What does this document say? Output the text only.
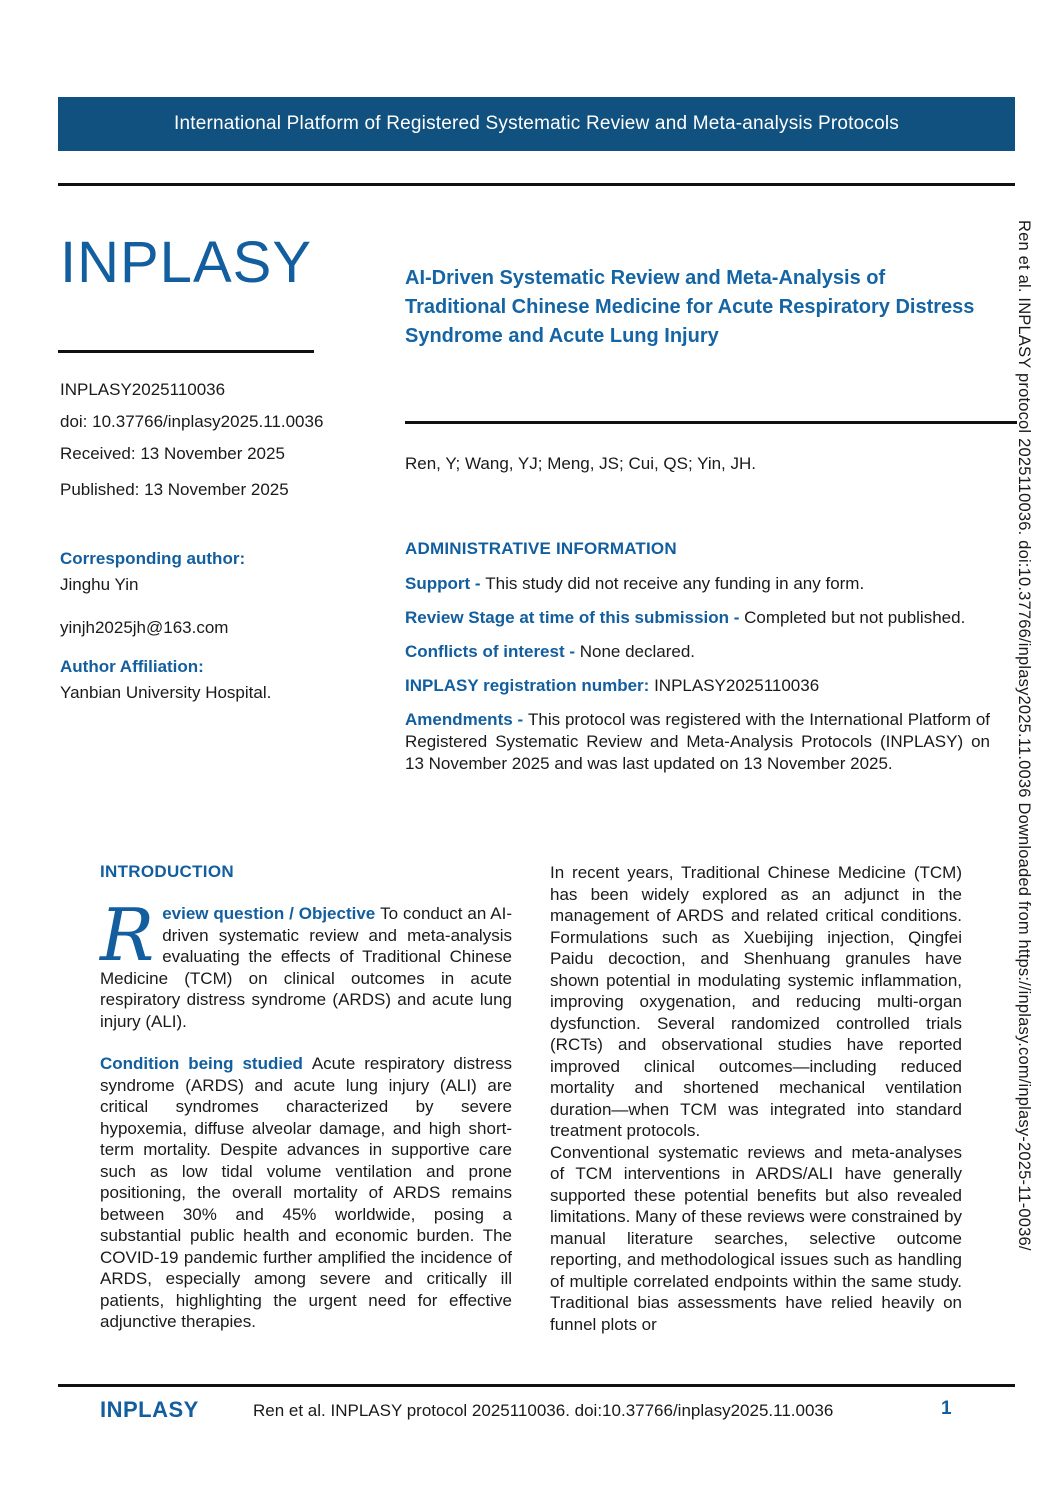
International Platform of Registered Systematic Review and Meta-analysis Protocols
INPLASY
INPLASY2025110036
doi: 10.37766/inplasy2025.11.0036
Received: 13 November 2025
Published: 13 November 2025
Corresponding author:
Jinghu Yin
yinjh2025jh@163.com
Author Affiliation:
Yanbian University Hospital.
AI-Driven Systematic Review and Meta-Analysis of Traditional Chinese Medicine for Acute Respiratory Distress Syndrome and Acute Lung Injury
Ren, Y; Wang, YJ; Meng, JS; Cui, QS; Yin, JH.
ADMINISTRATIVE INFORMATION

Support - This study did not receive any funding in any form.

Review Stage at time of this submission - Completed but not published.

Conflicts of interest - None declared.

INPLASY registration number: INPLASY2025110036

Amendments - This protocol was registered with the International Platform of Registered Systematic Review and Meta-Analysis Protocols (INPLASY) on 13 November 2025 and was last updated on 13 November 2025.

INTRODUCTION

Review question / Objective To conduct an AI-driven systematic review and meta-analysis evaluating the effects of Traditional Chinese Medicine (TCM) on clinical outcomes in acute respiratory distress syndrome (ARDS) and acute lung injury (ALI).

Condition being studied Acute respiratory distress syndrome (ARDS) and acute lung injury (ALI) are critical syndromes characterized by severe hypoxemia, diffuse alveolar damage, and high short-term mortality. Despite advances in supportive care such as low tidal volume ventilation and prone positioning, the overall mortality of ARDS remains between 30% and 45% worldwide, posing a substantial public health and economic burden. The COVID-19 pandemic further amplified the incidence of ARDS, especially among severe and critically ill patients, highlighting the urgent need for effective adjunctive therapies.

In recent years, Traditional Chinese Medicine (TCM) has been widely explored as an adjunct in the management of ARDS and related critical conditions. Formulations such as Xuebijing injection, Qingfei Paidu decoction, and Shenhuang granules have shown potential in modulating systemic inflammation, improving oxygenation, and reducing multi-organ dysfunction. Several randomized controlled trials (RCTs) and observational studies have reported improved clinical outcomes—including reduced mortality and shortened mechanical ventilation duration—when TCM was integrated into standard treatment protocols.

Conventional systematic reviews and meta-analyses of TCM interventions in ARDS/ALI have generally supported these potential benefits but also revealed limitations. Many of these reviews were constrained by manual literature searches, selective outcome reporting, and methodological issues such as handling of multiple correlated endpoints within the same study. Traditional bias assessments have relied heavily on funnel plots or

INPLASY	Ren et al. INPLASY protocol 2025110036. doi:10.37766/inplasy2025.11.0036	1
Ren et al. INPLASY protocol 2025110036. doi:10.37766/inplasy2025.11.0036 Downloaded from https://inplasy.com/inplasy-2025-11-0036/
